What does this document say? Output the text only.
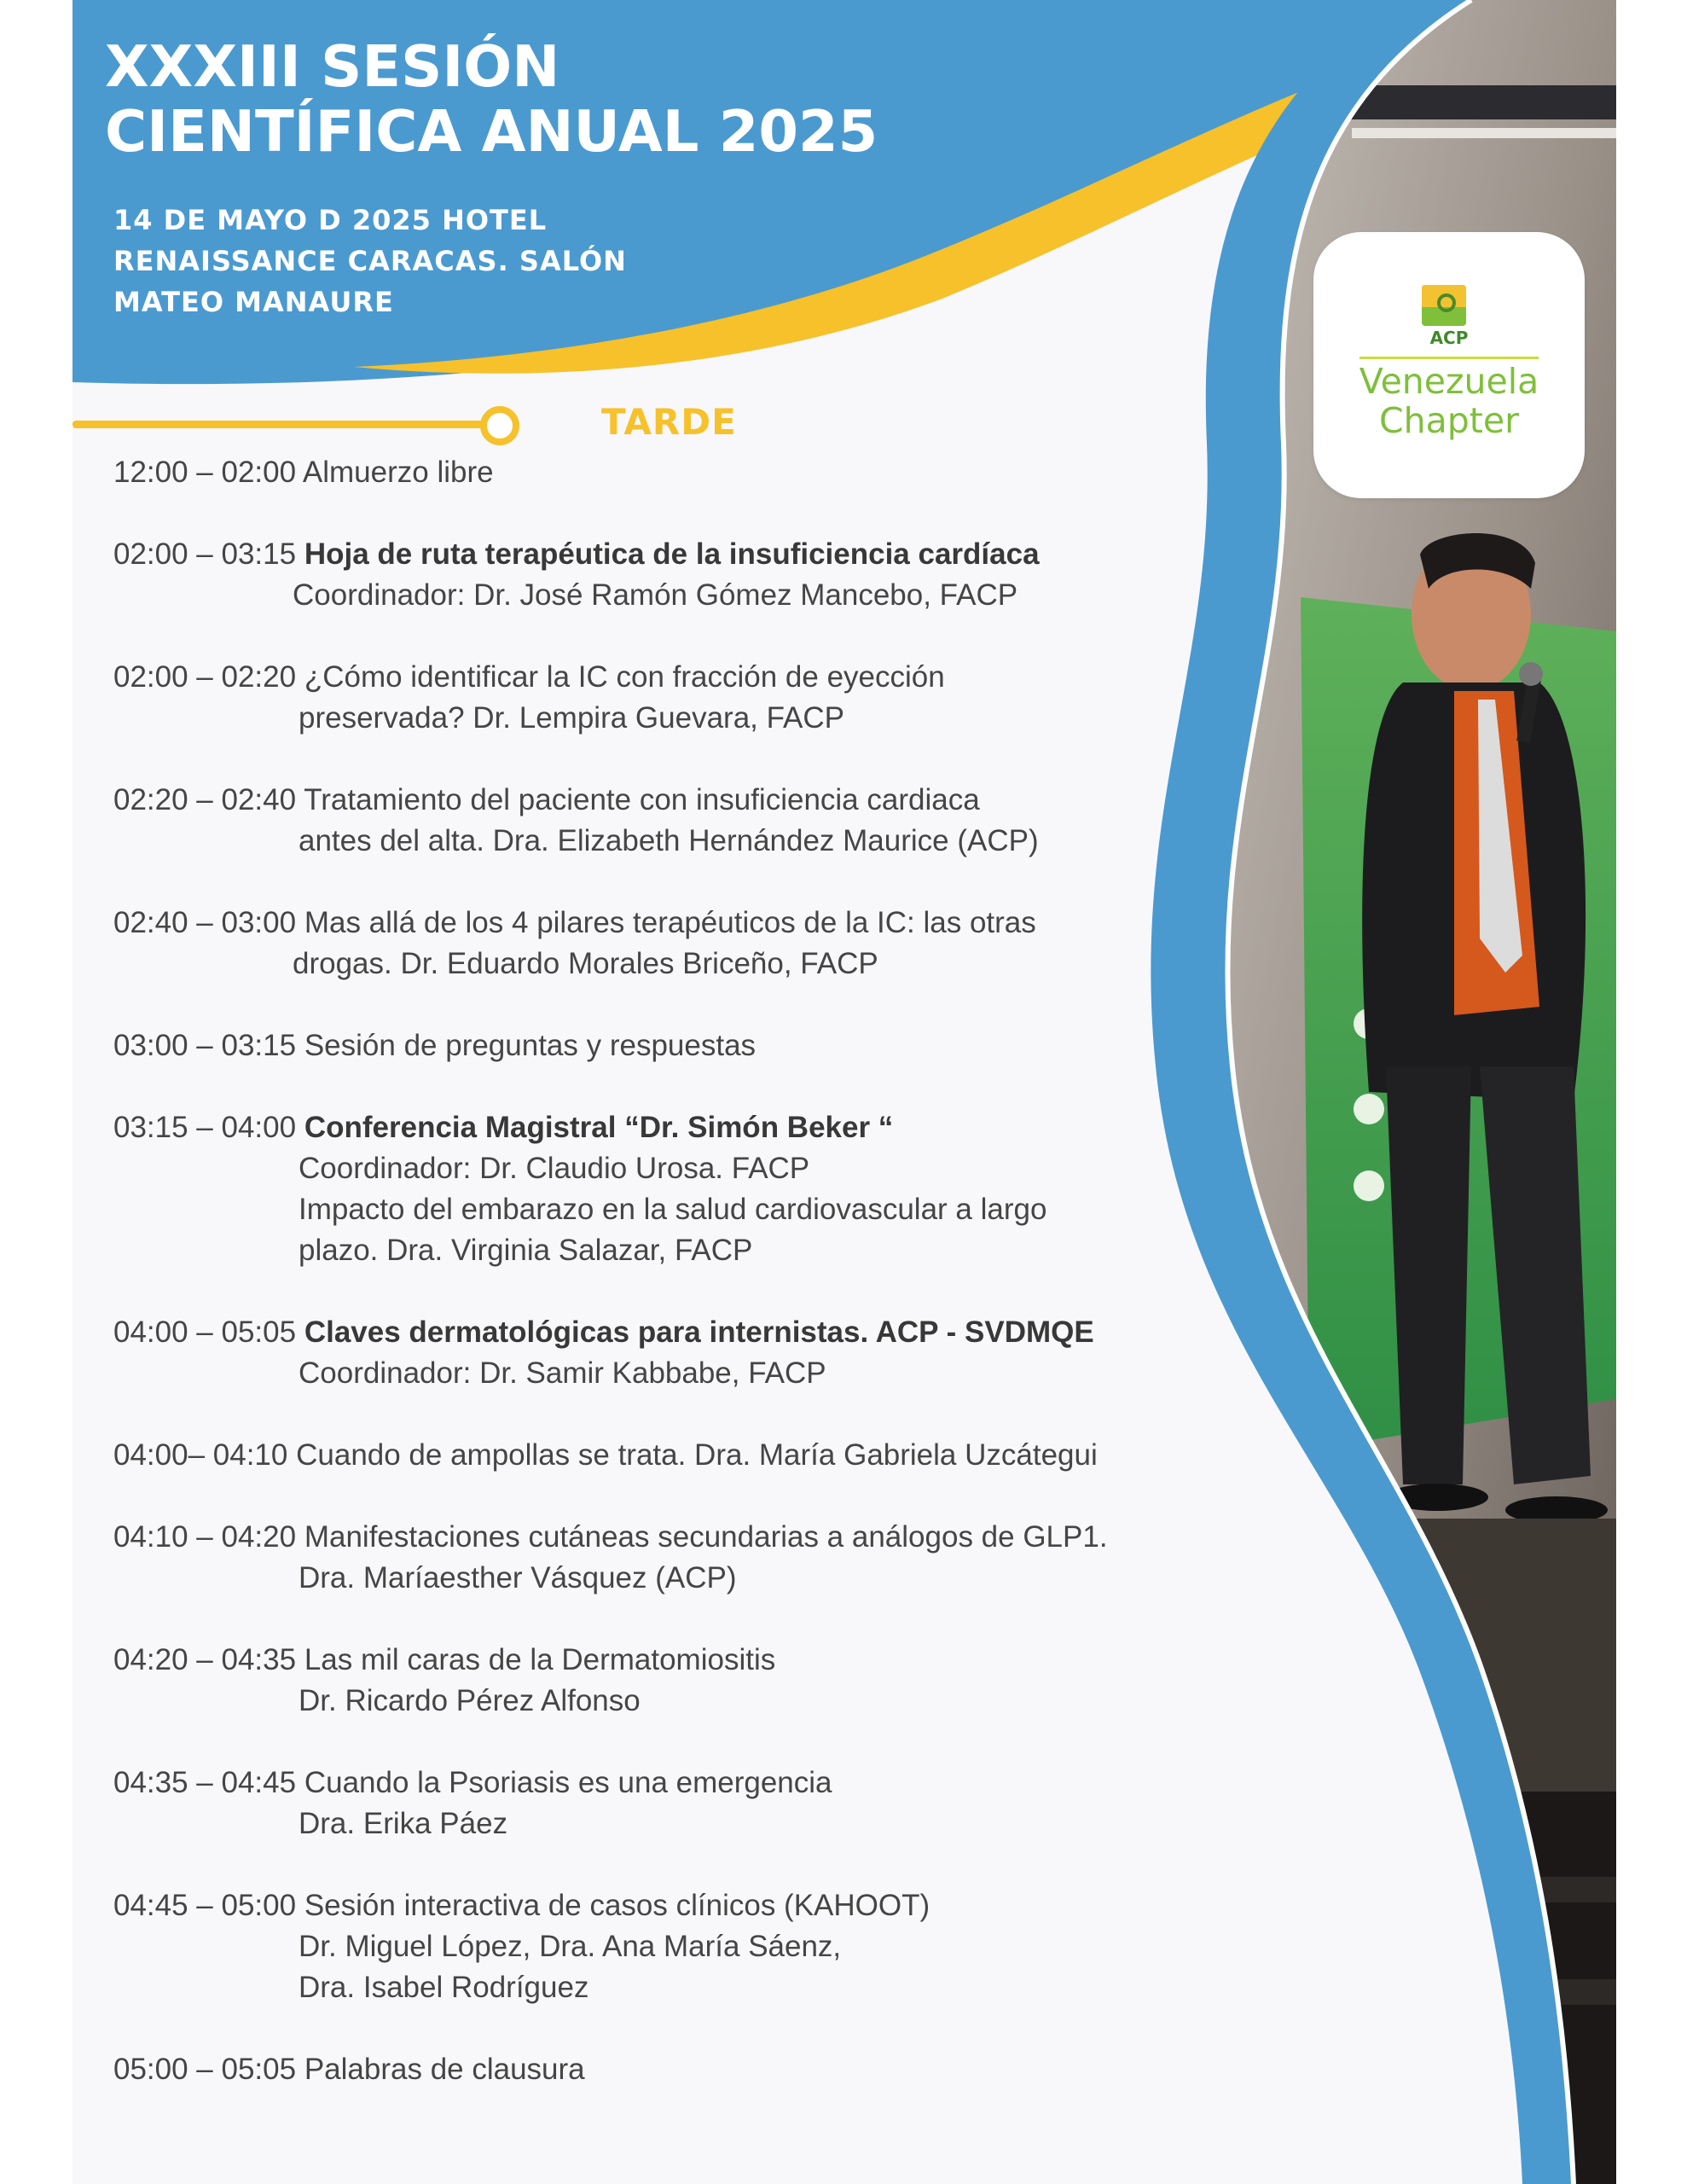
XXXIII SESIÓN
CIENTÍFICA ANUAL 2025
14 DE MAYO D 2025 HOTEL
RENAISSANCE CARACAS. SALÓN
MATEO MANAURE
TARDE
ACP
Venezuela
Chapter
12:00 – 02:00 Almuerzo libre
02:00 – 03:15 Hoja de ruta terapéutica de la insuficiencia cardíaca
Coordinador: Dr. José Ramón Gómez Mancebo, FACP
02:00 – 02:20 ¿Cómo identificar la IC con fracción de eyección
preservada? Dr. Lempira Guevara, FACP
02:20 – 02:40 Tratamiento del paciente con insuficiencia cardiaca
antes del alta. Dra. Elizabeth Hernández Maurice (ACP)
02:40 – 03:00 Mas allá de los 4 pilares terapéuticos de la IC: las otras
drogas. Dr. Eduardo Morales Briceño, FACP
03:00 – 03:15 Sesión de preguntas y respuestas
03:15 – 04:00 Conferencia Magistral “Dr. Simón Beker “
Coordinador: Dr. Claudio Urosa. FACP
Impacto del embarazo en la salud cardiovascular a largo
plazo. Dra. Virginia Salazar, FACP
04:00 – 05:05 Claves dermatológicas para internistas. ACP - SVDMQE
Coordinador: Dr. Samir Kabbabe, FACP
04:00– 04:10 Cuando de ampollas se trata. Dra. María Gabriela Uzcátegui
04:10 – 04:20 Manifestaciones cutáneas secundarias a análogos de GLP1.
Dra. Maríaesther Vásquez (ACP)
04:20 – 04:35 Las mil caras de la Dermatomiositis
Dr. Ricardo Pérez Alfonso
04:35 – 04:45 Cuando la Psoriasis es una emergencia
Dra. Erika Páez
04:45 – 05:00 Sesión interactiva de casos clínicos (KAHOOT)
Dr. Miguel López, Dra. Ana María Sáenz,
Dra. Isabel Rodríguez
05:00 – 05:05 Palabras de clausura
